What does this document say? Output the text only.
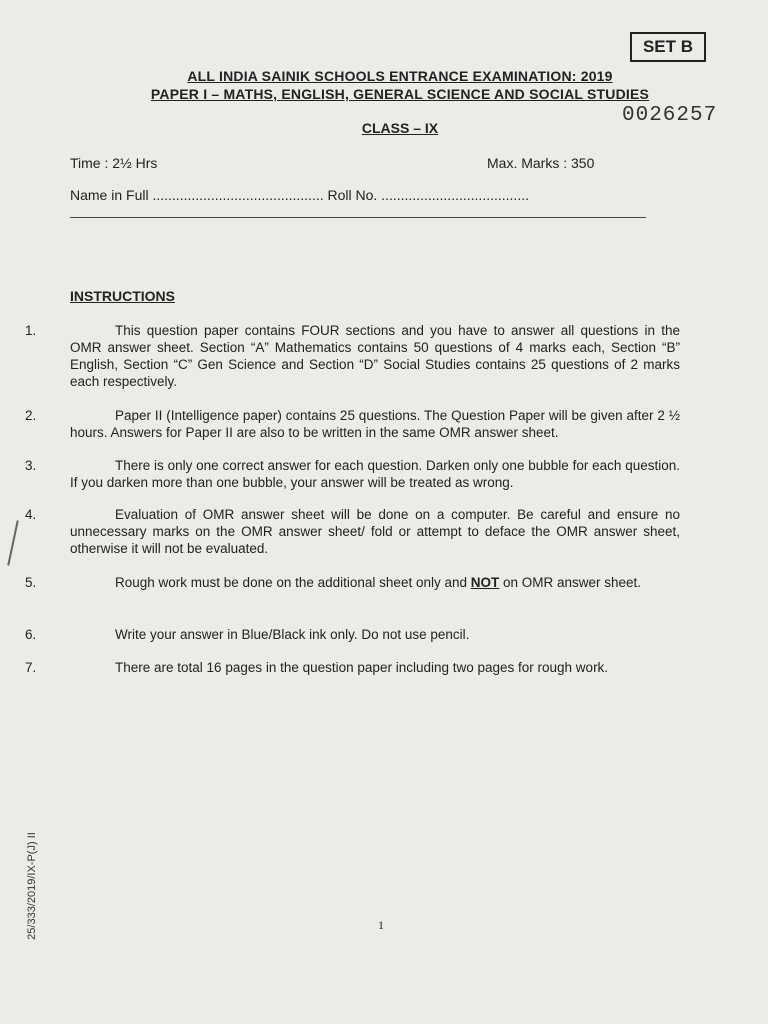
SET B
ALL INDIA SAINIK SCHOOLS ENTRANCE EXAMINATION: 2019
PAPER I – MATHS, ENGLISH, GENERAL SCIENCE AND SOCIAL STUDIES
0026257
CLASS – IX
Time : 2½ Hrs	Max. Marks : 350
Name in Full ............................................ Roll No. ......................................
INSTRUCTIONS
1.	This question paper contains FOUR sections and you have to answer all questions in the OMR answer sheet. Section “A” Mathematics contains 50 questions of 4 marks each, Section “B” English, Section “C” Gen Science and Section “D” Social Studies contains 25 questions of 2 marks each respectively.
2.	Paper II (Intelligence paper) contains 25 questions. The Question Paper will be given after 2 ½ hours. Answers for Paper II are also to be written in the same OMR answer sheet.
3.	There is only one correct answer for each question. Darken only one bubble for each question. If you darken more than one bubble, your answer will be treated as wrong.
4.	Evaluation of OMR answer sheet will be done on a computer. Be careful and ensure no unnecessary marks on the OMR answer sheet/ fold or attempt to deface the OMR answer sheet, otherwise it will not be evaluated.
5.	Rough work must be done on the additional sheet only and NOT on OMR answer sheet.
6.	Write your answer in Blue/Black ink only. Do not use pencil.
7.	There are total 16 pages in the question paper including two pages for rough work.
1
25/333/2019/IX-P(J) II
